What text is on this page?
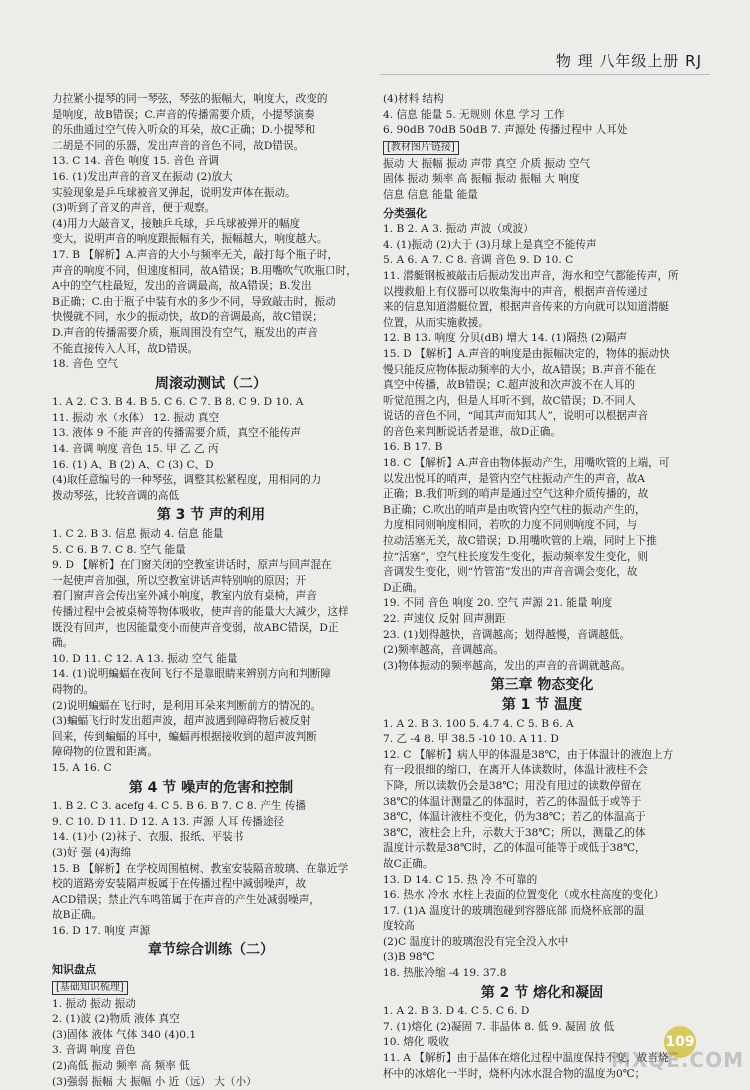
物 理 八年级上册 RJ

力拉紧小提琴的同一琴弦，琴弦的振幅大，响度大，改变的

是响度，故B错误；C.声音的传播需要介质，小提琴演奏

的乐曲通过空气传入听众的耳朵，故C正确；D.小提琴和

二胡是不同的乐器，发出声音的音色不同，故D错误。

13. C 14. 音色 响度 15. 音色 音调

16. (1)发出声音的音叉在振动 (2)放大

实验现象是乒乓球被音叉弹起，说明发声体在振动。

(3)听到了音叉的声音，便于观察。

(4)用力大敲音叉，接触乒乓球，乒乓球被弹开的幅度

变大，说明声音的响度跟振幅有关，振幅越大，响度越大。

17. B 【解析】A.声音的大小与频率无关，敲打每个瓶子时，

声音的响度不同，但速度相同，故A错误；B.用嘴吹气吹瓶口时，

A中的空气柱最短，发出的音调最高，故A错误；B.发出

B正确；C.由于瓶子中装有水的多少不同，导致敲击时，振动

快慢就不同，水少的振动快，故D的音调最高，故C错误；

D.声音的传播需要介质，瓶周围没有空气，瓶发出的声音

不能直接传入人耳，故D错误。

18. 音色 空气

周滚动测试（二）

1. A 2. C 3. B 4. B 5. C 6. C 7. B 8. C 9. D 10. A

11. 振动 水（水体） 12. 振动 真空

13. 液体 9 不能 声音的传播需要介质，真空不能传声

14. 音调 响度 音色 15. 甲 乙 乙 丙

16. (1) A、B (2) A、C (3) C、D

(4)取任意编号的一种琴弦，调整其松紧程度，用相同的力

拨动琴弦，比较音调的高低

第 3 节 声的利用

1. C 2. B 3. 信息 振动 4. 信息 能量

5. C 6. B 7. C 8. 空气 能量

9. D 【解析】在门窗关闭的空教室讲话时，原声与回声混在

一起使声音加强，所以空教室讲话声特别响的原因；开

着门窗声音会传出室外减小响度，教室内放有桌椅，声音

传播过程中会被桌椅等物体吸收，使声音的能量大大减少，这样

既没有回声，也因能量变小而使声音变弱，故ABC错误，D正

确。

10. D 11. C 12. A 13. 振动 空气 能量

14. (1)说明蝙蝠在夜间飞行不是靠眼睛来辨别方向和判断障

碍物的。

(2)说明蝙蝠在飞行时，是利用耳朵来判断前方的情况的。

(3)蝙蝠飞行时发出超声波，超声波遇到障碍物后被反射

回来，传到蝙蝠的耳中，蝙蝠再根据接收到的超声波判断

障碍物的位置和距离。

15. A 16. C

第 4 节 噪声的危害和控制

1. B 2. C 3. acefg 4. C 5. B 6. B 7. C 8. 产生 传播

9. C 10. D 11. D 12. A 13. 声源 人耳 传播途径

14. (1)小 (2)袜子、衣服、报纸、平装书

(3)好 强 (4)海绵

15. B 【解析】在学校周围植树、教室安装隔音玻璃、在靠近学

校的道路旁安装隔声板属于在传播过程中减弱噪声，故

ACD错误；禁止汽车鸣笛属于在声音的产生处减弱噪声，

故B正确。

16. D 17. 响度 声源

章节综合训练（二）
知识盘点
[基础知识梳理]

1. 振动 振动 振动

2. (1)波 (2)物质 液体 真空

(3)固体 液体 气体 340 (4)0.1

3. 音调 响度 音色

(2)高低 振动 频率 高 频率 低

(3)强弱 振幅 大 振幅 小 近（远） 大（小）

(4)材料 结构

4. 信息 能量 5. 无规则 休息 学习 工作

6. 90dB 70dB 50dB 7. 声源处 传播过程中 人耳处

[教材图片链接]

振动 大 振幅 振动 声带 真空 介质 振动 空气

固体 振动 频率 高 振幅 振动 振幅 大 响度

信息 信息 能量 能量

分类强化

1. B 2. A 3. 振动 声波（或波）

4. (1)振动 (2)大于 (3)月球上是真空不能传声

5. A 6. A 7. C 8. 音调 音色 9. D 10. C

11. 潜艇钢板被敲击后振动发出声音，海水和空气都能传声，所

以搜救船上有仪器可以收集海中的声音，根据声音传递过

来的信息知道潜艇位置，根据声音传来的方向就可以知道潜艇

位置，从而实施救援。

12. B 13. 响度 分贝(dB) 增大 14. (1)隔热 (2)隔声

15. D 【解析】A.声音的响度是由振幅决定的，物体的振动快

慢只能反应物体振动频率的大小，故A错误；B.声音不能在

真空中传播，故B错误；C.超声波和次声波不在人耳的

听觉范围之内，但是人耳听不到，故C错误；D.不同人

说话的音色不同，“闻其声而知其人”，说明可以根据声音

的音色来判断说话者是谁，故D正确。

16. B 17. B

18. C 【解析】A.声音由物体振动产生，用嘴吹管的上端，可

以发出悦耳的哨声，是管内空气柱振动产生的声音，故A

正确；B.我们听到的哨声是通过空气这种介质传播的，故

B正确；C.吹出的哨声是由吹管内空气柱的振动产生的，

力度相同则响度相同，若吹的力度不同则响度不同，与

拉动活塞无关，故C错误；D.用嘴吹管的上端，同时上下推

拉“活塞”，空气柱长度发生变化，振动频率发生变化，则

音调发生变化，则“竹管笛”发出的声音音调会变化，故

D正确。

19. 不同 音色 响度 20. 空气 声源 21. 能量 响度

22. 声速仪 反射 回声测距

23. (1)划得越快，音调越高；划得越慢，音调越低。

(2)频率越高，音调越高。

(3)物体振动的频率越高，发出的声音的音调就越高。

第三章 物态变化
第 1 节 温度

1. A 2. B 3. 100 5. 4.7 4. C 5. B 6. A

7. 乙 -4 8. 甲 38.5 -10 10. A 11. D

12. C 【解析】病人甲的体温是38℃，由于体温计的液泡上方

有一段很细的缩口，在离开人体读数时，体温计液柱不会

下降，所以读数仍会是38℃；用没有甩过的读数停留在

38℃的体温计测量乙的体温时，若乙的体温低于或等于

38℃，体温计液柱不变化，仍为38℃；若乙的体温高于

38℃，液柱会上升，示数大于38℃；所以，测量乙的体

温度计示数是38℃时，乙的体温可能等于或低于38℃，

故C正确。

13. D 14. C 15. 热 冷 不可靠的

16. 热水 冷水 水柱上表面的位置变化（或水柱高度的变化）

17. (1)A 温度计的玻璃泡碰到容器底部 而烧杯底部的温

度较高

(2)C 温度计的玻璃泡没有完全没入水中

(3)B 98℃

18. 热胀冷缩 -4 19. 37.8

第 2 节 熔化和凝固

1. A 2. B 3. D 4. C 5. C 6. D

7. (1)熔化 (2)凝固 7. 非晶体 8. 低 9. 凝固 放 低

10. 熔化 吸收

11. A 【解析】由于晶体在熔化过程中温度保持不变，故当烧

杯中的冰熔化一半时，烧杯内冰水混合物的温度为0℃；

109
MXQE.COM
